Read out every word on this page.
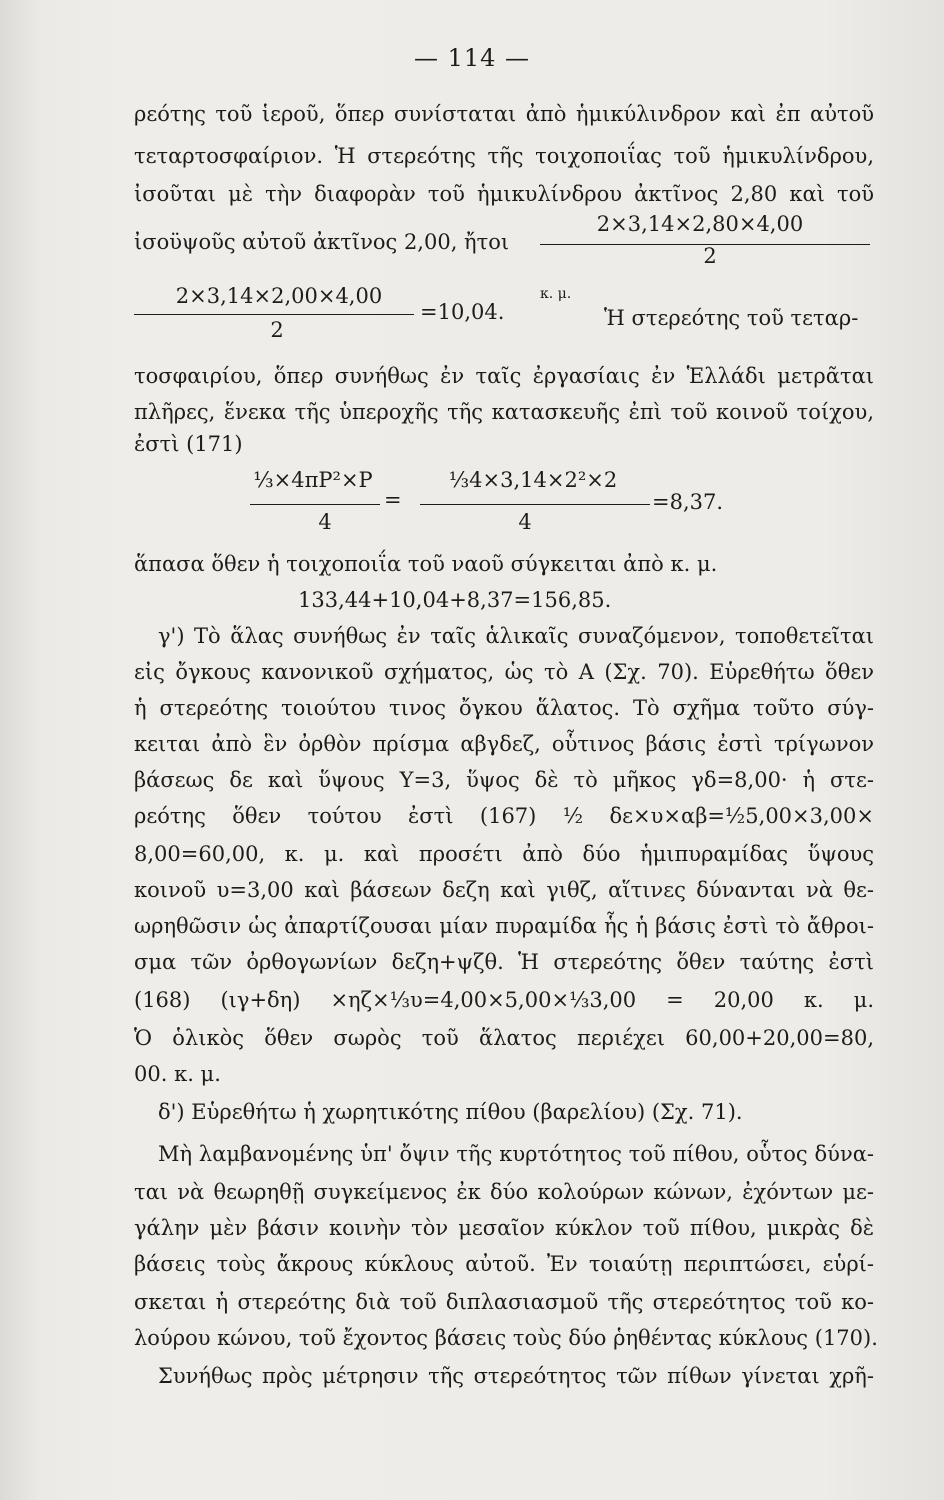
— 114 —
ρεότης τοῦ ἱεροῦ, ὅπερ συνίσταται ἀπὸ ἡμικύλινδρον καὶ ἐπ αὐτοῦ
τεταρτοσφαίριον. Ἡ στερεότης τῆς τοιχοποιΐας τοῦ ἡμικυλίνδρου,
ἰσοῦται μὲ τὴν διαφορὰν τοῦ ἡμικυλίνδρου ἀκτῖνος 2,80 καὶ τοῦ
ἰσοϋψοῦς αὐτοῦ ἀκτῖνος 2,00, ἤτοι
2×3,14×2,80×4,00
2
2×3,14×2,00×4,00
2
=10,04.
κ. μ.
Ἡ στερεότης τοῦ τεταρ-
τοσφαιρίου, ὅπερ συνήθως ἐν ταῖς ἐργασίαις ἐν Ἑλλάδι μετρᾶται
πλῆρες, ἕνεκα τῆς ὑπεροχῆς τῆς κατασκευῆς ἐπὶ τοῦ κοινοῦ τοίχου,
ἐστὶ (171)
⅓×4πP²×P
4
=
⅓4×3,14×2²×2
4
=8,37.
ἅπασα ὅθεν ἡ τοιχοποιΐα τοῦ ναοῦ σύγκειται ἀπὸ κ. μ.
133,44+10,04+8,37=156,85.
γ') Τὸ ἅλας συνήθως ἐν ταῖς ἁλικαῖς συναζόμενον, τοποθετεῖται
εἰς ὄγκους κανονικοῦ σχήματος, ὡς τὸ Α (Σχ. 70). Εὑρεθήτω ὅθεν
ἡ στερεότης τοιούτου τινος ὄγκου ἅλατος. Τὸ σχῆμα τοῦτο σύγ-
κειται ἀπὸ ἓν ὀρθὸν πρίσμα αβγδεζ, οὗτινος βάσις ἐστὶ τρίγωνον
βάσεως δε καὶ ὕψους Υ=3, ὕψος δὲ τὸ μῆκος γδ=8,00· ἡ στε-
ρεότης ὅθεν τούτου ἐστὶ (167) ½ δε×υ×αβ=½5,00×3,00×
8,00=60,00, κ. μ. καὶ προσέτι ἀπὸ δύο ἡμιπυραμίδας ὕψους
κοινοῦ υ=3,00 καὶ βάσεων δεζη καὶ γιθζ, αἵτινες δύνανται νὰ θε-
ωρηθῶσιν ὡς ἀπαρτίζουσαι μίαν πυραμίδα ἧς ἡ βάσις ἐστὶ τὸ ἄθροι-
σμα τῶν ὀρθογωνίων δεζη+ψζθ. Ἡ στερεότης ὅθεν ταύτης ἐστὶ
(168) (ιγ+δη) ×ηζ×⅓υ=4,00×5,00×⅓3,00 = 20,00 κ. μ.
Ὁ ὁλικὸς ὅθεν σωρὸς τοῦ ἅλατος περιέχει 60,00+20,00=80,
00. κ. μ.
δ') Εὑρεθήτω ἡ χωρητικότης πίθου (βαρελίου) (Σχ. 71).
Μὴ λαμβανομένης ὑπ' ὄψιν τῆς κυρτότητος τοῦ πίθου, οὗτος δύνα-
ται νὰ θεωρηθῇ συγκείμενος ἐκ δύο κολούρων κώνων, ἐχόντων με-
γάλην μὲν βάσιν κοινὴν τὸν μεσαῖον κύκλον τοῦ πίθου, μικρὰς δὲ
βάσεις τοὺς ἄκρους κύκλους αὐτοῦ. Ἐν τοιαύτῃ περιπτώσει, εὑρί-
σκεται ἡ στερεότης διὰ τοῦ διπλασιασμοῦ τῆς στερεότητος τοῦ κο-
λούρου κώνου, τοῦ ἔχοντος βάσεις τοὺς δύο ῥηθέντας κύκλους (170).
Συνήθως πρὸς μέτρησιν τῆς στερεότητος τῶν πίθων γίνεται χρῆ-
